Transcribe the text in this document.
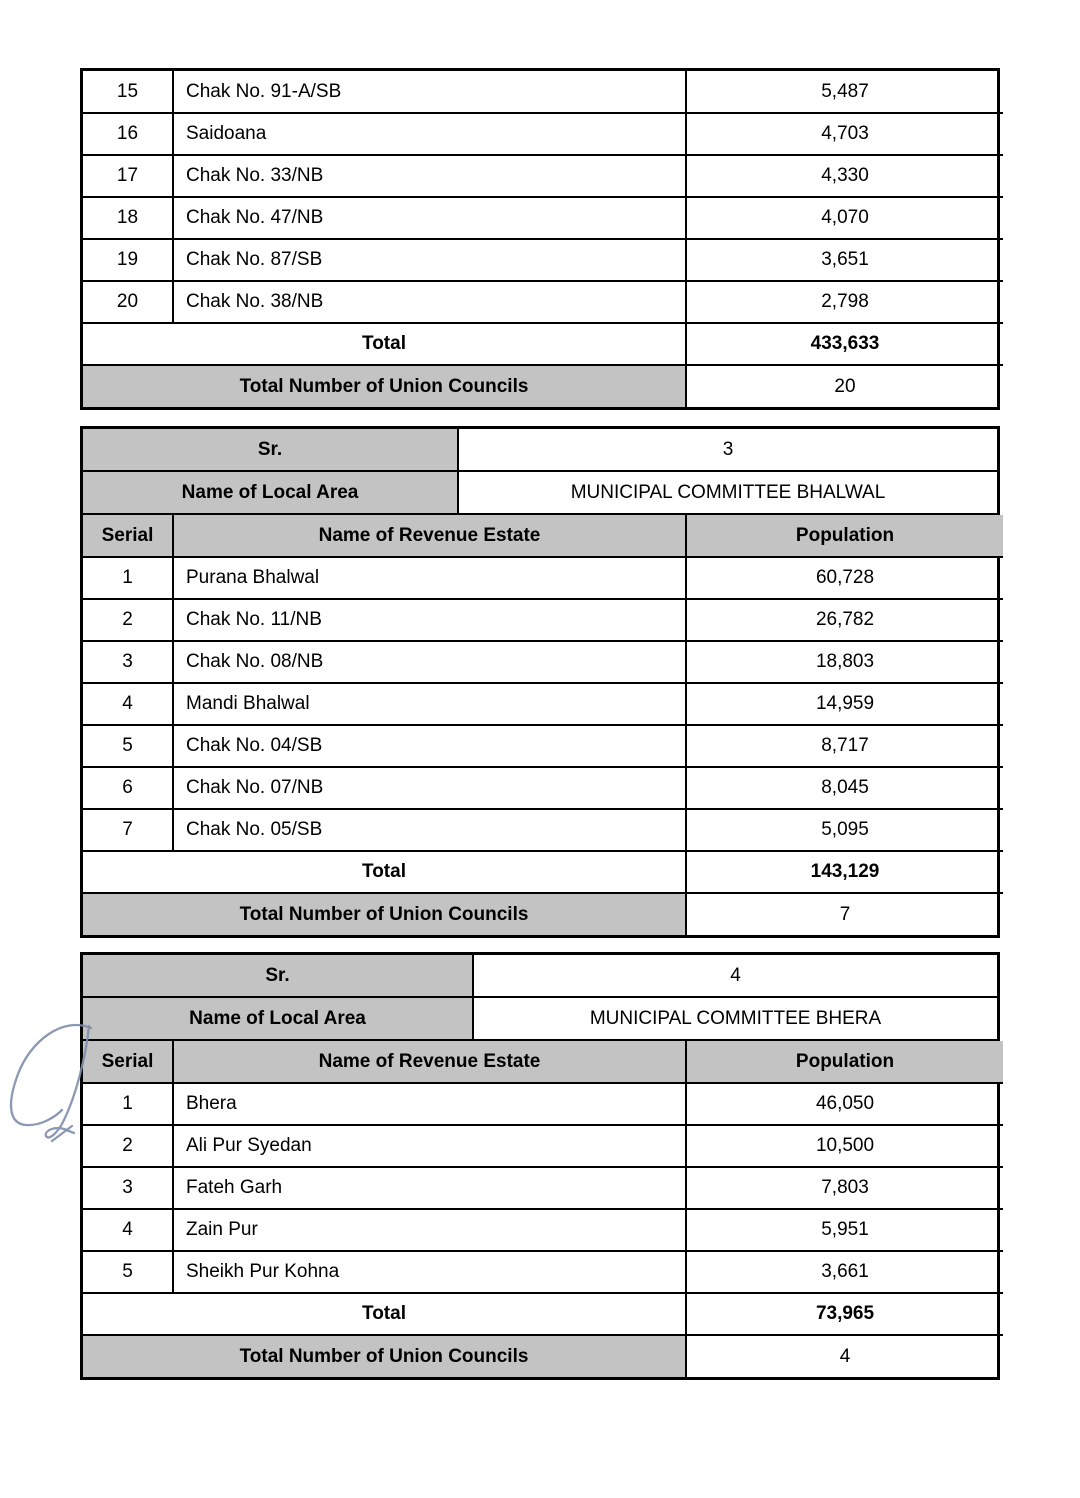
15	Chak No. 91-A/SB	5,487
16	Saidoana	4,703
17	Chak No. 33/NB	4,330
18	Chak No. 47/NB	4,070
19	Chak No. 87/SB	3,651
20	Chak No. 38/NB	2,798
Total		433,633
Total Number of Union Councils		20
Sr.	3
Name of Local Area	MUNICIPAL COMMITTEE BHALWAL
Serial	Name of Revenue Estate	Population
1	Purana Bhalwal	60,728
2	Chak No. 11/NB	26,782
3	Chak No. 08/NB	18,803
4	Mandi Bhalwal	14,959
5	Chak No. 04/SB	8,717
6	Chak No. 07/NB	8,045
7	Chak No. 05/SB	5,095
Total		143,129
Total Number of Union Councils		7
Sr.	4
Name of Local Area	MUNICIPAL COMMITTEE BHERA
Serial	Name of Revenue Estate	Population
1	Bhera	46,050
2	Ali Pur Syedan	10,500
3	Fateh Garh	7,803
4	Zain Pur	5,951
5	Sheikh Pur Kohna	3,661
Total		73,965
Total Number of Union Councils		4
